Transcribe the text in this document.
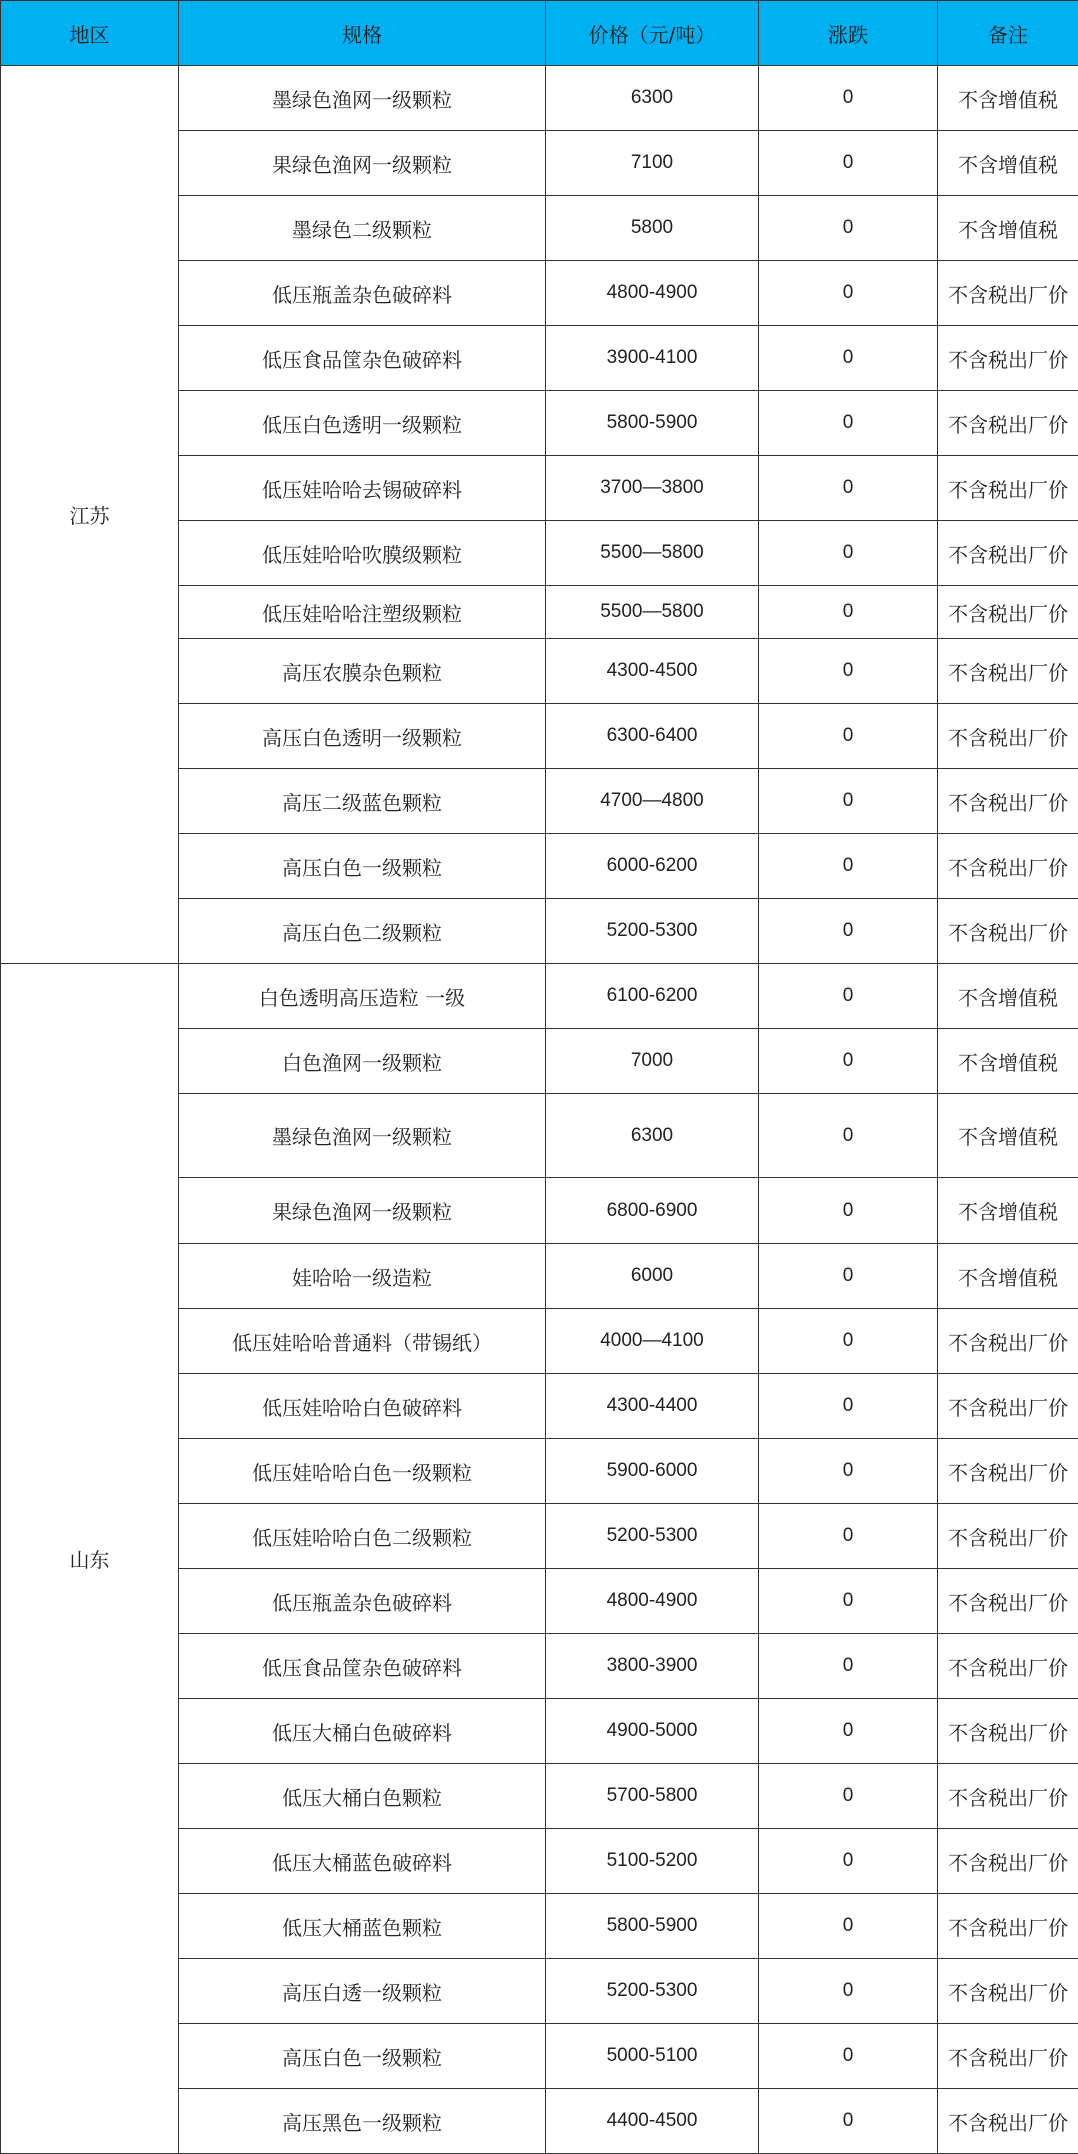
地区	规格	价格（元/吨）	涨跌	备注
江苏	墨绿色渔网一级颗粒	6300	0	不含增值税
	果绿色渔网一级颗粒	7100	0	不含增值税
	墨绿色二级颗粒	5800	0	不含增值税
	低压瓶盖杂色破碎料	4800-4900	0	不含税出厂价
	低压食品筐杂色破碎料	3900-4100	0	不含税出厂价
	低压白色透明一级颗粒	5800-5900	0	不含税出厂价
	低压娃哈哈去锡破碎料	3700—3800	0	不含税出厂价
	低压娃哈哈吹膜级颗粒	5500—5800	0	不含税出厂价
	低压娃哈哈注塑级颗粒	5500—5800	0	不含税出厂价
	高压农膜杂色颗粒	4300-4500	0	不含税出厂价
	高压白色透明一级颗粒	6300-6400	0	不含税出厂价
	高压二级蓝色颗粒	4700—4800	0	不含税出厂价
	高压白色一级颗粒	6000-6200	0	不含税出厂价
	高压白色二级颗粒	5200-5300	0	不含税出厂价
山东	白色透明高压造粒 一级	6100-6200	0	不含增值税
	白色渔网一级颗粒	7000	0	不含增值税
	墨绿色渔网一级颗粒	6300	0	不含增值税
	果绿色渔网一级颗粒	6800-6900	0	不含增值税
	娃哈哈一级造粒	6000	0	不含增值税
	低压娃哈哈普通料（带锡纸）	4000—4100	0	不含税出厂价
	低压娃哈哈白色破碎料	4300-4400	0	不含税出厂价
	低压娃哈哈白色一级颗粒	5900-6000	0	不含税出厂价
	低压娃哈哈白色二级颗粒	5200-5300	0	不含税出厂价
	低压瓶盖杂色破碎料	4800-4900	0	不含税出厂价
	低压食品筐杂色破碎料	3800-3900	0	不含税出厂价
	低压大桶白色破碎料	4900-5000	0	不含税出厂价
	低压大桶白色颗粒	5700-5800	0	不含税出厂价
	低压大桶蓝色破碎料	5100-5200	0	不含税出厂价
	低压大桶蓝色颗粒	5800-5900	0	不含税出厂价
	高压白透一级颗粒	5200-5300	0	不含税出厂价
	高压白色一级颗粒	5000-5100	0	不含税出厂价
	高压黑色一级颗粒	4400-4500	0	不含税出厂价
